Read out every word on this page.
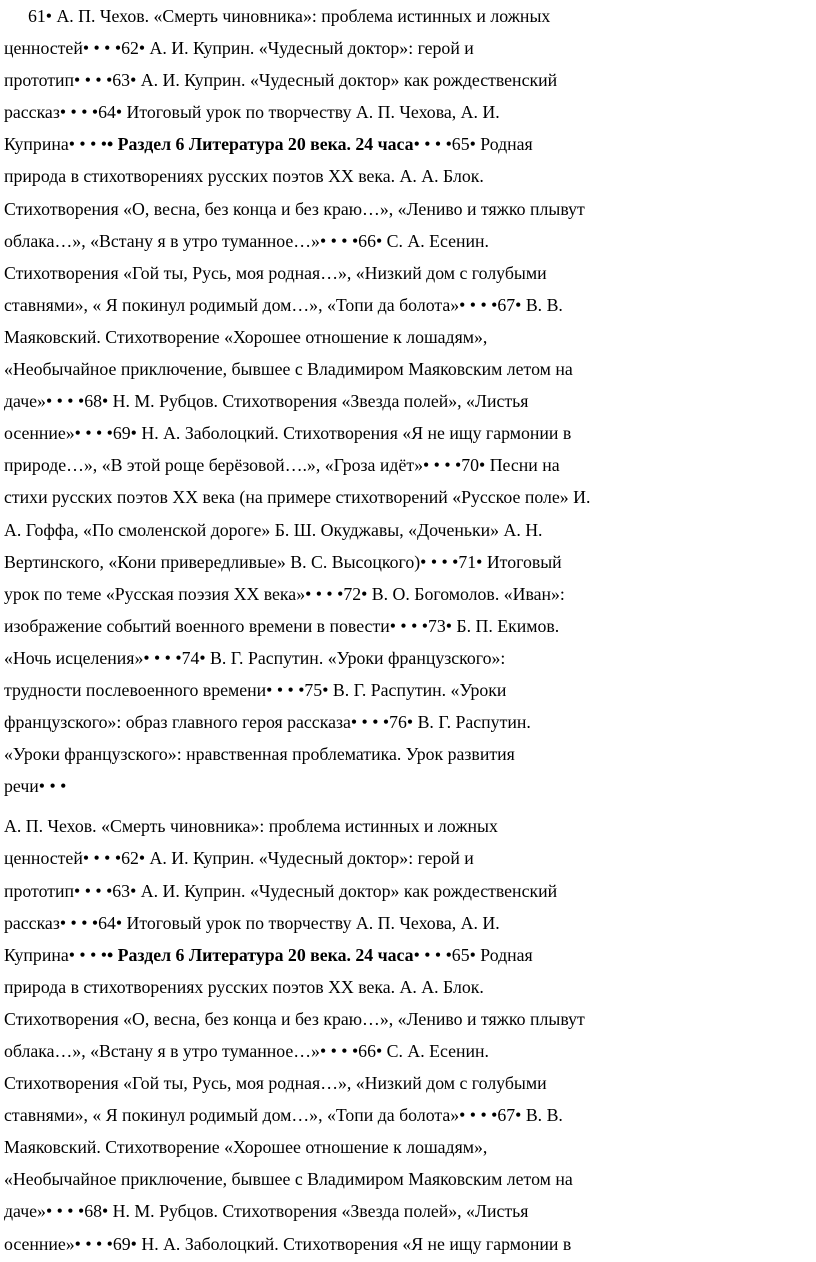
61• А. П. Чехов. «Смерть чиновника»: проблема истинных и ложных
ценностей• • • •62• А. И. Куприн. «Чудесный доктор»: герой и
прототип• • • •63• А. И. Куприн. «Чудесный доктор» как рождественский
рассказ• • • •64• Итоговый урок по творчеству А. П. Чехова, А. И.
Куприна• • • •• Раздел 6 Литература 20 века. 24 часа• • • •65• Родная
природа в стихотворениях русских поэтов XX века. А. А. Блок.
Стихотворения «О, весна, без конца и без краю…», «Лениво и тяжко плывут
облака…», «Встану я в утро туманное…»• • • •66• С. А. Есенин.
Стихотворения «Гой ты, Русь, моя родная…», «Низкий дом с голубыми
ставнями», « Я покинул родимый дом…», «Топи да болота»• • • •67• В. В.
Маяковский. Стихотворение «Хорошее отношение к лошадям»,
«Необычайное приключение, бывшее с Владимиром Маяковским летом на
даче»• • • •68• Н. М. Рубцов. Стихотворения «Звезда полей», «Листья
осенние»• • • •69• Н. А. Заболоцкий. Стихотворения «Я не ищу гармонии в
природе…», «В этой роще берёзовой….», «Гроза идёт»• • • •70• Песни на
стихи русских поэтов XX века (на примере стихотворений «Русское поле» И.
А. Гоффа, «По смоленской дороге» Б. Ш. Окуджавы, «Доченьки» А. Н.
Вертинского, «Кони привередливые» В. С. Высоцкого)• • • •71• Итоговый
урок по теме «Русская поэзия XX века»• • • •72• В. О. Богомолов. «Иван»:
изображение событий военного времени в повести• • • •73• Б. П. Екимов.
«Ночь исцеления»• • • •74• В. Г. Распутин. «Уроки французского»:
трудности послевоенного времени• • • •75• В. Г. Распутин. «Уроки
французского»: образ главного героя рассказа• • • •76• В. Г. Распутин.
«Уроки французского»: нравственная проблематика. Урок развития
речи• • •
А. П. Чехов. «Смерть чиновника»: проблема истинных и ложных
ценностей• • • •62• А. И. Куприн. «Чудесный доктор»: герой и
прототип• • • •63• А. И. Куприн. «Чудесный доктор» как рождественский
рассказ• • • •64• Итоговый урок по творчеству А. П. Чехова, А. И.
Куприна• • • •• Раздел 6 Литература 20 века. 24 часа• • • •65• Родная
природа в стихотворениях русских поэтов XX века. А. А. Блок.
Стихотворения «О, весна, без конца и без краю…», «Лениво и тяжко плывут
облака…», «Встану я в утро туманное…»• • • •66• С. А. Есенин.
Стихотворения «Гой ты, Русь, моя родная…», «Низкий дом с голубыми
ставнями», « Я покинул родимый дом…», «Топи да болота»• • • •67• В. В.
Маяковский. Стихотворение «Хорошее отношение к лошадям»,
«Необычайное приключение, бывшее с Владимиром Маяковским летом на
даче»• • • •68• Н. М. Рубцов. Стихотворения «Звезда полей», «Листья
осенние»• • • •69• Н. А. Заболоцкий. Стихотворения «Я не ищу гармонии в
